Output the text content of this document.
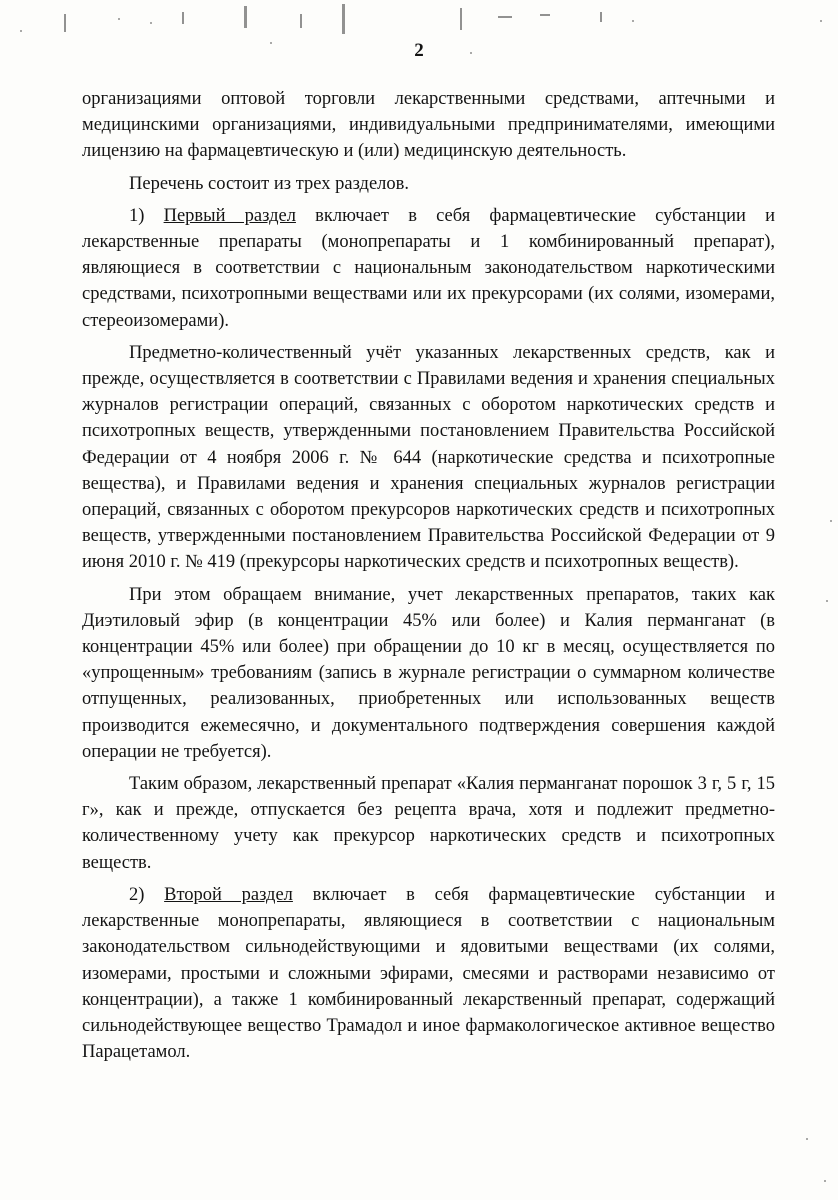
2

организациями оптовой торговли лекарственными средствами, аптечными и медицинскими организациями, индивидуальными предпринимателями, имеющими лицензию на фармацевтическую и (или) медицинскую деятельность.

Перечень состоит из трех разделов.

1) Первый раздел включает в себя фармацевтические субстанции и лекарственные препараты (монопрепараты и 1 комбинированный препарат), являющиеся в соответствии с национальным законодательством наркотическими средствами, психотропными веществами или их прекурсорами (их солями, изомерами, стереоизомерами).

Предметно-количественный учёт указанных лекарственных средств, как и прежде, осуществляется в соответствии с Правилами ведения и хранения специальных журналов регистрации операций, связанных с оборотом наркотических средств и психотропных веществ, утвержденными постановлением Правительства Российской Федерации от 4 ноября 2006 г. № 644 (наркотические средства и психотропные вещества), и Правилами ведения и хранения специальных журналов регистрации операций, связанных с оборотом прекурсоров наркотических средств и психотропных веществ, утвержденными постановлением Правительства Российской Федерации от 9 июня 2010 г. № 419 (прекурсоры наркотических средств и психотропных веществ).

При этом обращаем внимание, учет лекарственных препаратов, таких как Диэтиловый эфир (в концентрации 45% или более) и Калия перманганат (в концентрации 45% или более) при обращении до 10 кг в месяц, осуществляется по «упрощенным» требованиям (запись в журнале регистрации о суммарном количестве отпущенных, реализованных, приобретенных или использованных веществ производится ежемесячно, и документального подтверждения совершения каждой операции не требуется).

Таким образом, лекарственный препарат «Калия перманганат порошок 3 г, 5 г, 15 г», как и прежде, отпускается без рецепта врача, хотя и подлежит предметно-количественному учету как прекурсор наркотических средств и психотропных веществ.

2) Второй раздел включает в себя фармацевтические субстанции и лекарственные монопрепараты, являющиеся в соответствии с национальным законодательством сильнодействующими и ядовитыми веществами (их солями, изомерами, простыми и сложными эфирами, смесями и растворами независимо от концентрации), а также 1 комбинированный лекарственный препарат, содержащий сильнодействующее вещество Трамадол и иное фармакологическое активное вещество Парацетамол.
